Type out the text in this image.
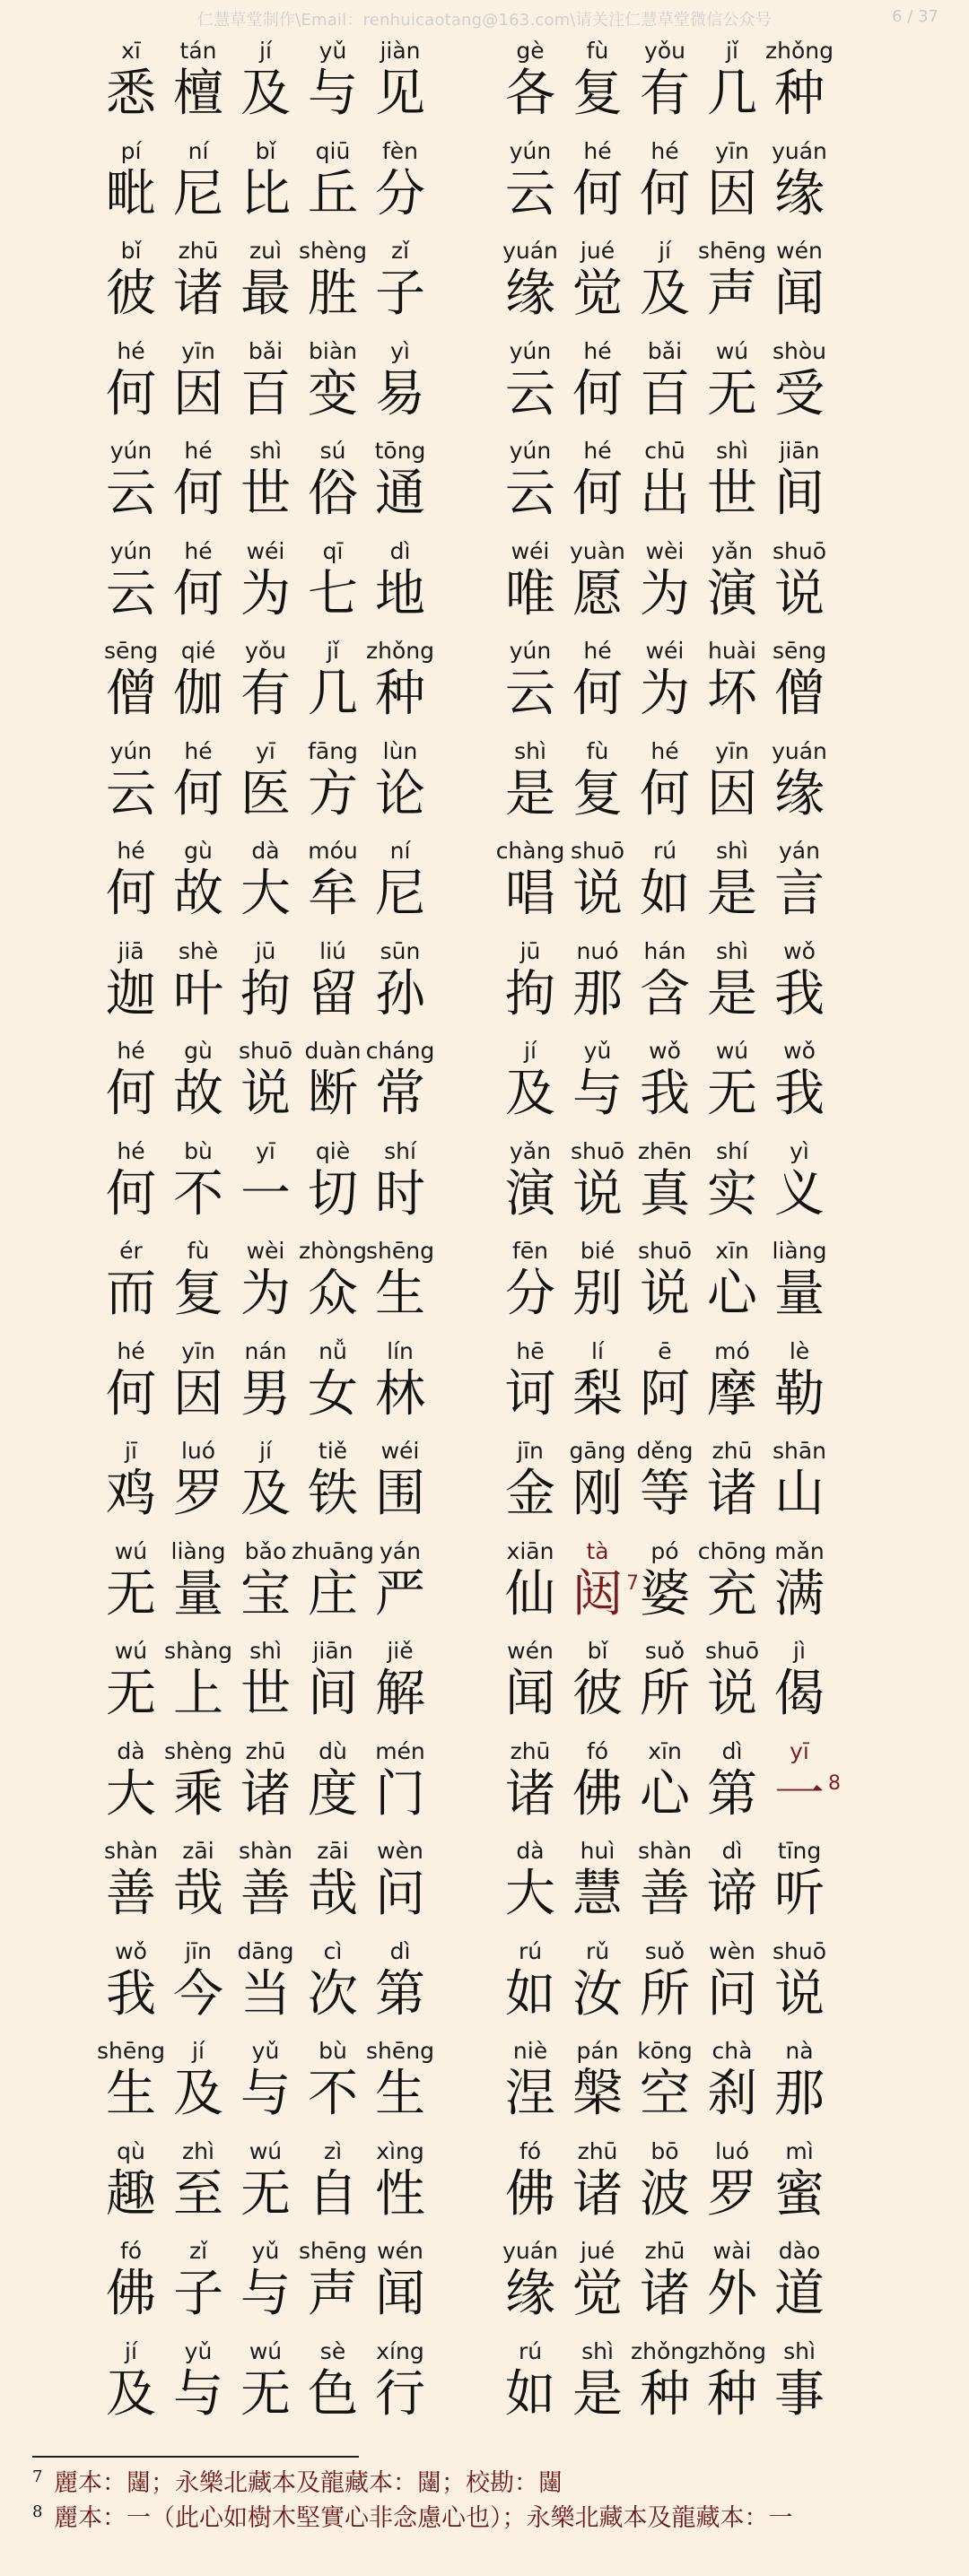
仁慧草堂制作\Email：renhuicaotang@163.com\请关注仁慧草堂微信公众号	6 / 37
xī
悉
tán
檀
jí
及
yǔ
与
jiàn
见
gè
各
fù
复
yǒu
有
jǐ
几
zhǒng
种
pí
毗
ní
尼
bǐ
比
qiū
丘
fèn
分
yún
云
hé
何
hé
何
yīn
因
yuán
缘
bǐ
彼
zhū
诸
zuì
最
shèng
胜
zǐ
子
yuán
缘
jué
觉
jí
及
shēng
声
wén
闻
hé
何
yīn
因
bǎi
百
biàn
变
yì
易
yún
云
hé
何
bǎi
百
wú
无
shòu
受
yún
云
hé
何
shì
世
sú
俗
tōng
通
yún
云
hé
何
chū
出
shì
世
jiān
间
yún
云
hé
何
wéi
为
qī
七
dì
地
wéi
唯
yuàn
愿
wèi
为
yǎn
演
shuō
说
sēng
僧
qié
伽
yǒu
有
jǐ
几
zhǒng
种
yún
云
hé
何
wéi
为
huài
坏
sēng
僧
yún
云
hé
何
yī
医
fāng
方
lùn
论
shì
是
fù
复
hé
何
yīn
因
yuán
缘
hé
何
gù
故
dà
大
móu
牟
ní
尼
chàng
唱
shuō
说
rú
如
shì
是
yán
言
jiā
迦
shè
叶
jū
拘
liú
留
sūn
孙
jū
拘
nuó
那
hán
含
shì
是
wǒ
我
hé
何
gù
故
shuō
说
duàn
断
cháng
常
jí
及
yǔ
与
wǒ
我
wú
无
wǒ
我
hé
何
bù
不
yī
一
qiè
切
shí
时
yǎn
演
shuō
说
zhēn
真
shí
实
yì
义
ér
而
fù
复
wèi
为
zhòng
众
shēng
生
fēn
分
bié
别
shuō
说
xīn
心
liàng
量
hé
何
yīn
因
nán
男
nǚ
女
lín
林
hē
诃
lí
梨
ē
阿
mó
摩
lè
勒
jī
鸡
luó
罗
jí
及
tiě
铁
wéi
围
jīn
金
gāng
刚
děng
等
zhū
诸
shān
山
wú
无
liàng
量
bǎo
宝
zhuāng
庄
yán
严
xiān
仙
tà
闼 7
pó
婆
chōng
充
mǎn
满
wú
无
shàng
上
shì
世
jiān
间
jiě
解
wén
闻
bǐ
彼
suǒ
所
shuō
说
jì
偈
dà
大
shèng
乘
zhū
诸
dù
度
mén
门
zhū
诸
fó
佛
xīn
心
dì
第
yī
一 8
shàn
善
zāi
哉
shàn
善
zāi
哉
wèn
问
dà
大
huì
慧
shàn
善
dì
谛
tīng
听
wǒ
我
jīn
今
dāng
当
cì
次
dì
第
rú
如
rǔ
汝
suǒ
所
wèn
问
shuō
说
shēng
生
jí
及
yǔ
与
bù
不
shēng
生
niè
涅
pán
槃
kōng
空
chà
刹
nà
那
qù
趣
zhì
至
wú
无
zì
自
xìng
性
fó
佛
zhū
诸
bō
波
luó
罗
mì
蜜
fó
佛
zǐ
子
yǔ
与
shēng
声
wén
闻
yuán
缘
jué
觉
zhū
诸
wài
外
dào
道
jí
及
yǔ
与
wú
无
sè
色
xíng
行
rú
如
shì
是
zhǒng
种
zhǒng
种
shì
事
7 麗本：闥；永樂北藏本及龍藏本：闥；校勘：闥
8 麗本：一（此心如樹木堅實心非念慮心也）；永樂北藏本及龍藏本：一
